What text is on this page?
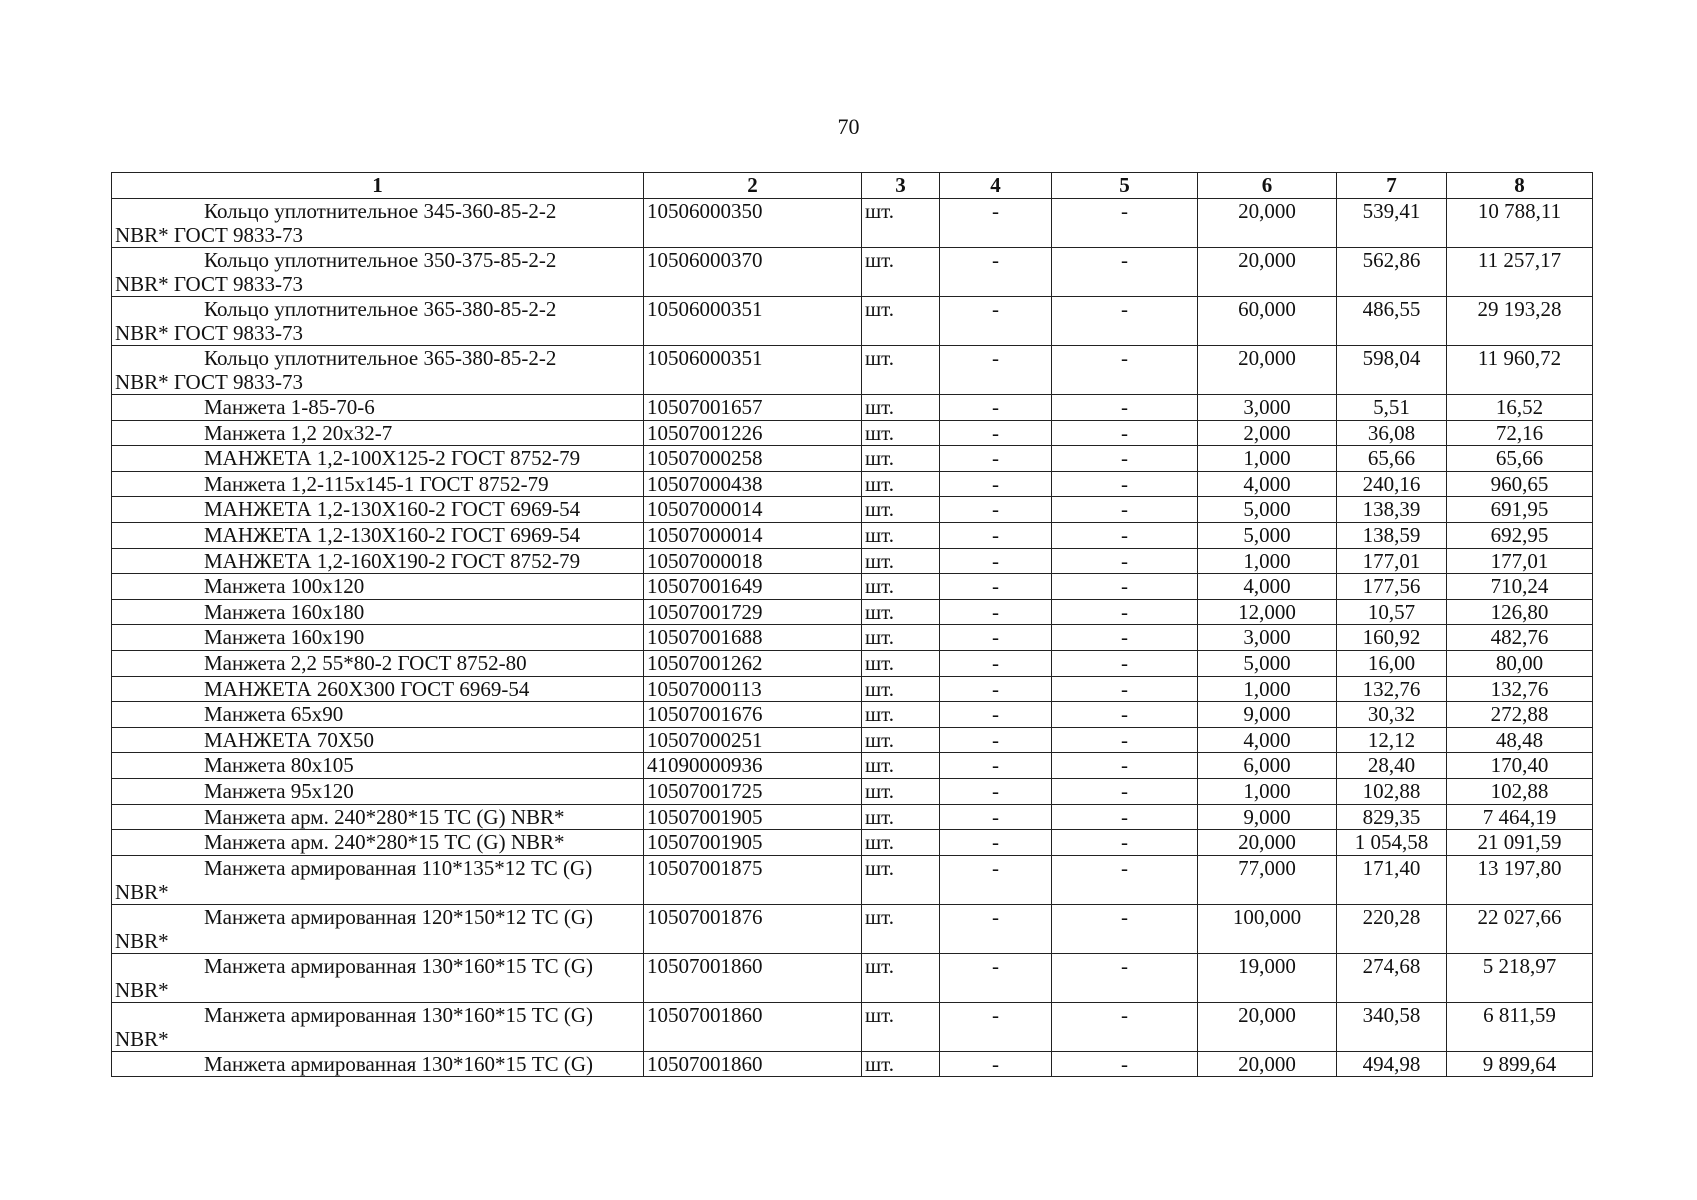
70
1	2	3	4	5	6	7	8

Кольцо уплотнительное 345-360-85-2-2
NBR* ГОСТ 9833-73	10506000350	шт.	-	-	20,000	539,41	10 788,11

Кольцо уплотнительное 350-375-85-2-2
NBR* ГОСТ 9833-73	10506000370	шт.	-	-	20,000	562,86	11 257,17

Кольцо уплотнительное 365-380-85-2-2
NBR* ГОСТ 9833-73	10506000351	шт.	-	-	60,000	486,55	29 193,28

Кольцо уплотнительное 365-380-85-2-2
NBR* ГОСТ 9833-73	10506000351	шт.	-	-	20,000	598,04	11 960,72

Манжета 1-85-70-6	10507001657	шт.	-	-	3,000	5,51	16,52

Манжета 1,2 20х32-7	10507001226	шт.	-	-	2,000	36,08	72,16

МАНЖЕТА 1,2-100Х125-2 ГОСТ 8752-79	10507000258	шт.	-	-	1,000	65,66	65,66

Манжета 1,2-115х145-1 ГОСТ 8752-79	10507000438	шт.	-	-	4,000	240,16	960,65

МАНЖЕТА 1,2-130Х160-2 ГОСТ 6969-54	10507000014	шт.	-	-	5,000	138,39	691,95

МАНЖЕТА 1,2-130Х160-2 ГОСТ 6969-54	10507000014	шт.	-	-	5,000	138,59	692,95

МАНЖЕТА 1,2-160Х190-2 ГОСТ 8752-79	10507000018	шт.	-	-	1,000	177,01	177,01

Манжета 100х120	10507001649	шт.	-	-	4,000	177,56	710,24

Манжета 160х180	10507001729	шт.	-	-	12,000	10,57	126,80

Манжета 160х190	10507001688	шт.	-	-	3,000	160,92	482,76

Манжета 2,2 55*80-2 ГОСТ 8752-80	10507001262	шт.	-	-	5,000	16,00	80,00

МАНЖЕТА 260Х300 ГОСТ 6969-54	10507000113	шт.	-	-	1,000	132,76	132,76

Манжета 65х90	10507001676	шт.	-	-	9,000	30,32	272,88

МАНЖЕТА 70Х50	10507000251	шт.	-	-	4,000	12,12	48,48

Манжета 80х105	41090000936	шт.	-	-	6,000	28,40	170,40

Манжета 95х120	10507001725	шт.	-	-	1,000	102,88	102,88

Манжета арм. 240*280*15 ТС (G) NBR*	10507001905	шт.	-	-	9,000	829,35	7 464,19

Манжета арм. 240*280*15 ТС (G) NBR*	10507001905	шт.	-	-	20,000	1 054,58	21 091,59

Манжета армированная 110*135*12 ТС (G)
NBR*	10507001875	шт.	-	-	77,000	171,40	13 197,80

Манжета армированная 120*150*12 ТС (G)
NBR*	10507001876	шт.	-	-	100,000	220,28	22 027,66

Манжета армированная 130*160*15 ТС (G)
NBR*	10507001860	шт.	-	-	19,000	274,68	5 218,97

Манжета армированная 130*160*15 ТС (G)
NBR*	10507001860	шт.	-	-	20,000	340,58	6 811,59

Манжета армированная 130*160*15 ТС (G)	10507001860	шт.	-	-	20,000	494,98	9 899,64
